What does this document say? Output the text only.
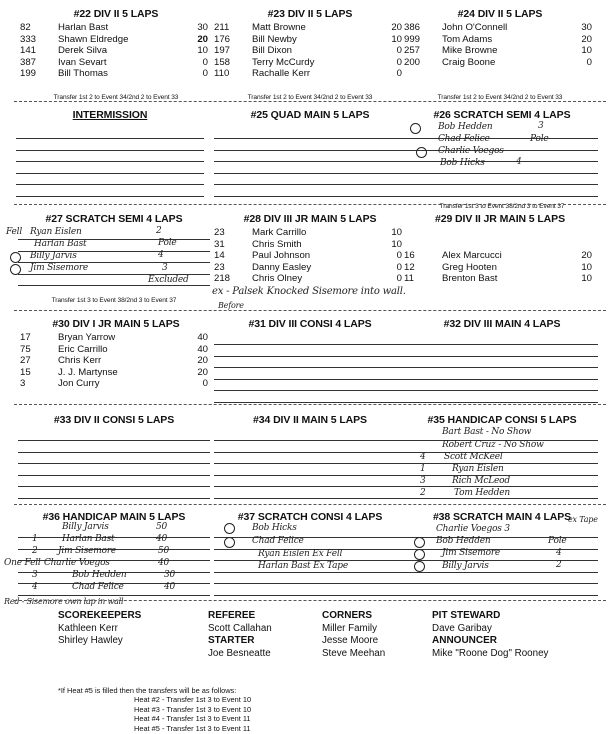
#22 DIV II 5 LAPS
82	Harlan Bast	30
333	Shawn Eldredge	20
141	Derek Silva	10
387	Ivan Sevart	0
199	Bill Thomas	0
Transfer 1st 2 to Event 34/2nd 2 to Event 33
#23 DIV II 5 LAPS
211	Matt Browne	20
176	Bill Newby	10
197	Bill Dixon	0
158	Terry McCurdy	0
110	Rachalle Kerr	0
Transfer 1st 2 to Event 34/2nd 2 to Event 33
#24 DIV II 5 LAPS
386	John O'Connell	30
999	Tom Adams	20
257	Mike Browne	10
200	Craig Boone	0
Transfer 1st 2 to Event 34/2nd 2 to Event 33
INTERMISSION	#25 QUAD MAIN 5 LAPS	#26 SCRATCH SEMI 4 LAPS
Transfer 1st 3 to Event 38/2nd 3 to Event 37
Bob Hedden	3
Chad Felice	Pole
Charlie Voegos
Bob Hicks	4
#27 SCRATCH SEMI 4 LAPS
Transfer 1st 3 to Event 38/2nd 3 to Event 37
Fell Ryan Eislen	2
Harlan Bast	Pole
Billy Jarvis	4
Jim Sisemore	3
Excluded
#28 DIV III JR MAIN 5 LAPS
23	Mark Carrillo	10
31	Chris Smith	10
14	Paul Johnson	0
23	Danny Easley	0
218	Chris Olney	0
#29 DIV II JR MAIN 5 LAPS
16	Alex Marcucci	20
12	Greg Hooten	10
11	Brenton Bast	10
ex - Palsek Knocked Sisemore into wall.
Before
#30 DIV I JR MAIN 5 LAPS
17	Bryan Yarrow	40
75	Eric Carrillo	40
27	Chris Kerr	20
15	J. J. Martynse	20
3	Jon Curry	0
#31 DIV III CONSI 4 LAPS	#32 DIV III MAIN 4 LAPS
#33 DIV II CONSI 5 LAPS	#34 DIV II MAIN 5 LAPS	#35 HANDICAP CONSI 5 LAPS
Bart Bast - No Show
Robert Cruz - No Show
4 Scott McKeel
1	Ryan Eislen
3	Rich McLeod
2	Tom Hedden
#36 HANDICAP MAIN 5 LAPS
Billy Jarvis	50
1	Harlan Bast	40
2 Jim Sisemore	50
One Fell Charlie Voegos	40
3	Bob Hedden	30
4	Chad Felice	40
Red - Sisemore own lap in wall
#37 SCRATCH CONSI 4 LAPS
Bob Hicks
Chad Felice
Ryan Eislen Ex Fell
Harlan Bast Ex Tape
#38 SCRATCH MAIN 4 LAPS
Charlie Voegos 3
ex Tape
Bob Hedden	Pole
Jim Sisemore	4
Billy Jarvis	2
SCOREKEEPERS
Kathleen Kerr
Shirley Hawley
REFEREE
Scott Callahan
STARTER
Joe Besneatte
CORNERS
Miller Family
Jesse Moore
Steve Meehan
PIT STEWARD
Dave Garibay
ANNOUNCER
Mike "Roone Dog" Rooney
*If Heat #5 is filled then the transfers will be as follows:
Heat #2 - Transfer 1st 3 to Event 10
Heat #3 - Transfer 1st 3 to Event 10
Heat #4 - Transfer 1st 3 to Event 11
Heat #5 - Transfer 1st 3 to Event 11
